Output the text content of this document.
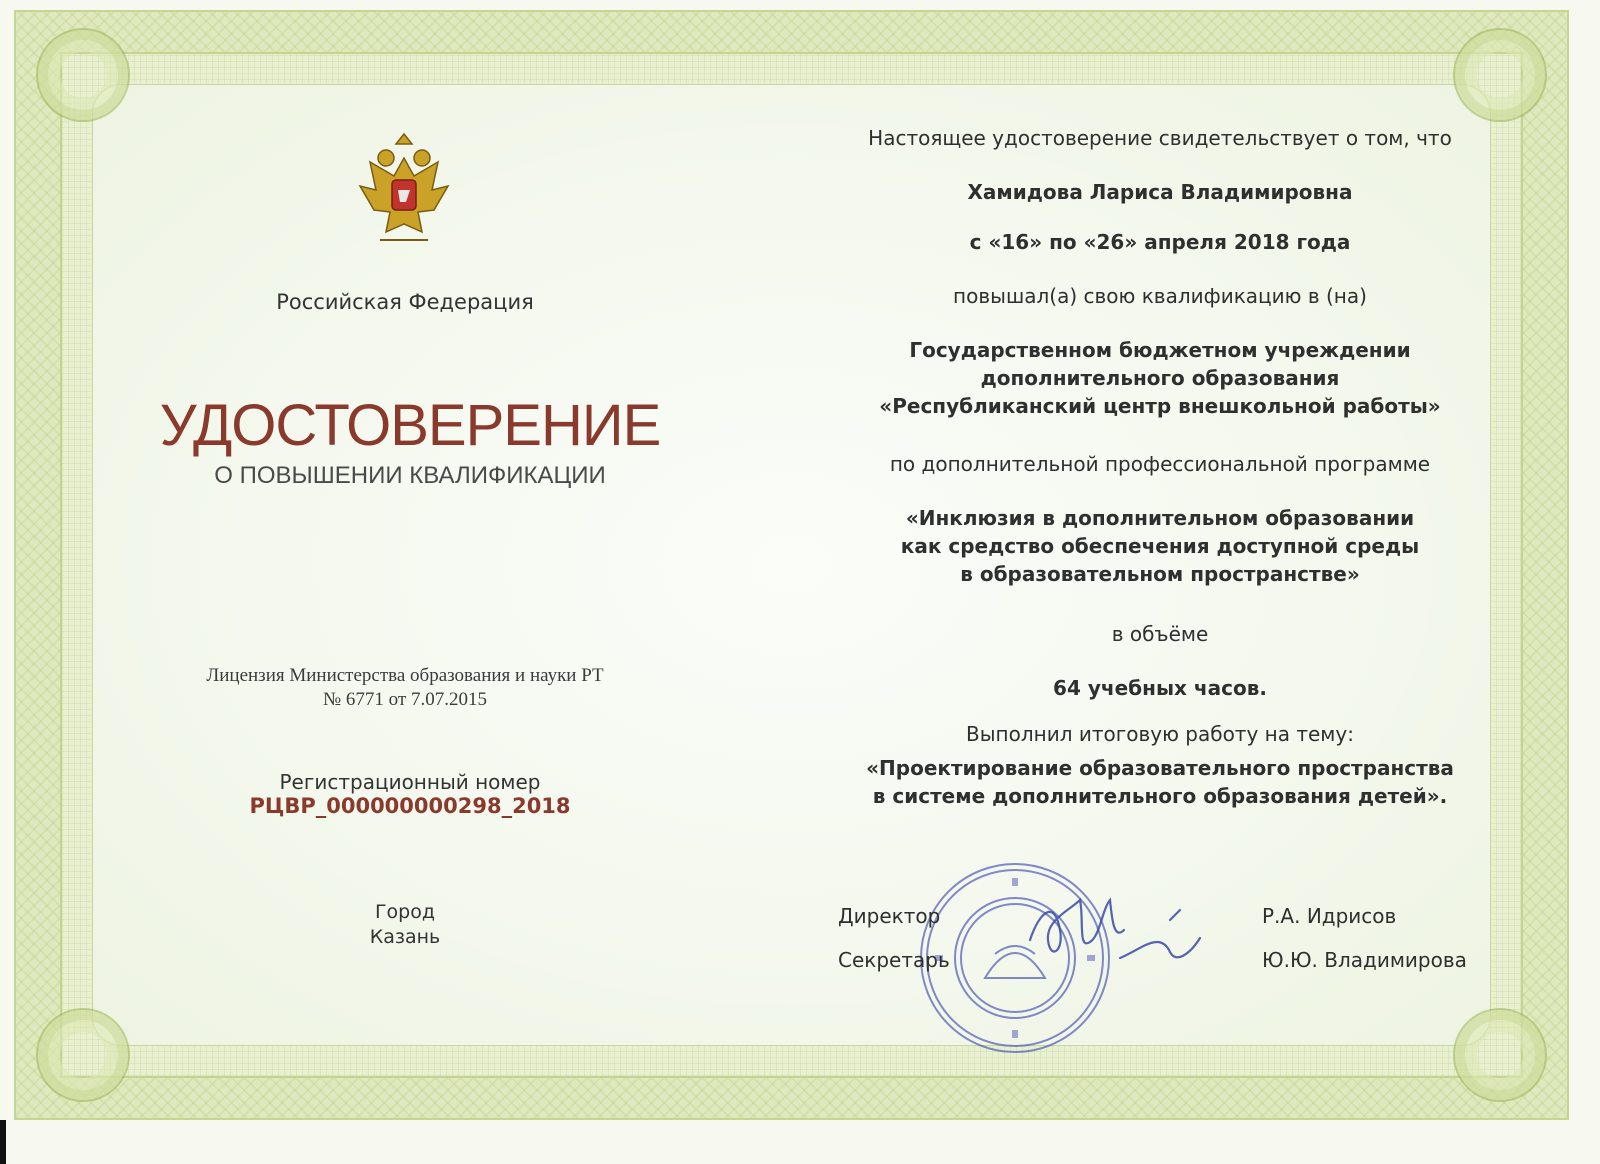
Российская Федерация
УДОСТОВЕРЕНИЕ
О ПОВЫШЕНИИ КВАЛИФИКАЦИИ
Лицензия Министерства образования и науки РТ
№ 6771 от 7.07.2015
Регистрационный номер
РЦВР_000000000298_2018
Город
Казань
Настоящее удостоверение свидетельствует о том, что
Хамидова Лариса Владимировна
с «16» по «26» апреля 2018 года
повышал(а) свою квалификацию в (на)
Государственном бюджетном учреждении
дополнительного образования
«Республиканский центр внешкольной работы»
по дополнительной профессиональной программе
«Инклюзия в дополнительном образовании
как средство обеспечения доступной среды
в образовательном пространстве»
в объёме
64 учебных часов.
Выполнил итоговую работу на тему:
«Проектирование образовательного пространства
в системе дополнительного образования детей».
Директор
Секретарь
Р.А. Идрисов
Ю.Ю. Владимирова
